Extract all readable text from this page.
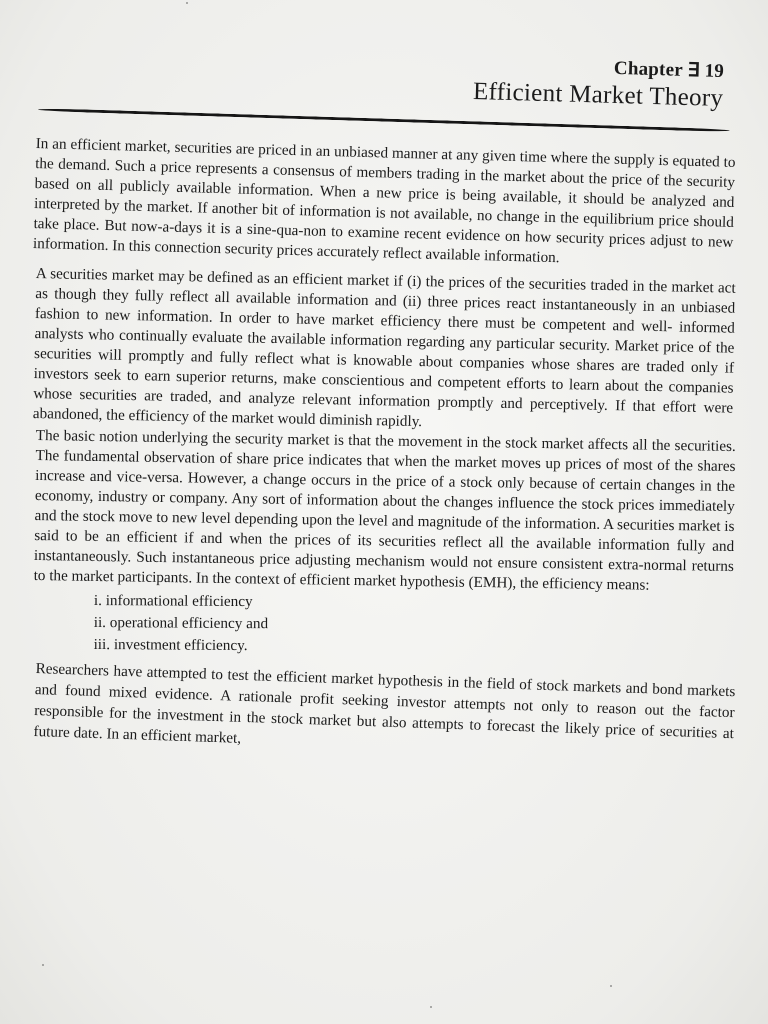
Chapter ∃ 19
Efficient Market Theory

In an efficient market, securities are priced in an unbiased manner at any given time where the supply is equated to the demand. Such a price represents a consensus of members trading in the market about the price of the security based on all publicly available information. When a new price is being available, it should be analyzed and interpreted by the market. If another bit of information is not available, no change in the equilibrium price should take place. But now-a-days it is a sine-qua-non to examine recent evidence on how security prices adjust to new information. In this connection security prices accurately reflect available information.

A securities market may be defined as an efficient market if (i) the prices of the securities traded in the market act as though they fully reflect all available information and (ii) three prices react instantaneously in an unbiased fashion to new information. In order to have market efficiency there must be competent and well- informed analysts who continually evaluate the available information regarding any particular security. Market price of the securities will promptly and fully reflect what is knowable about companies whose shares are traded only if investors seek to earn superior returns, make conscientious and competent efforts to learn about the companies whose securities are traded, and analyze relevant information promptly and perceptively. If that effort were abandoned, the efficiency of the market would diminish rapidly.

The basic notion underlying the security market is that the movement in the stock market affects all the securities. The fundamental observation of share price indicates that when the market moves up prices of most of the shares increase and vice-versa. However, a change occurs in the price of a stock only because of certain changes in the economy, industry or company. Any sort of information about the changes influence the stock prices immediately and the stock move to new level depending upon the level and magnitude of the information. A securities market is said to be an efficient if and when the prices of its securities reflect all the available information fully and instantaneously. Such instantaneous price adjusting mechanism would not ensure consistent extra-normal returns to the market participants. In the context of efficient market hypothesis (EMH), the efficiency means:

i. informational efficiency
ii. operational efficiency and
iii. investment efficiency.

Researchers have attempted to test the efficient market hypothesis in the field of stock markets and bond markets and found mixed evidence. A rationale profit seeking investor attempts not only to reason out the factor responsible for the investment in the stock market but also attempts to forecast the likely price of securities at future date. In an efficient market,
